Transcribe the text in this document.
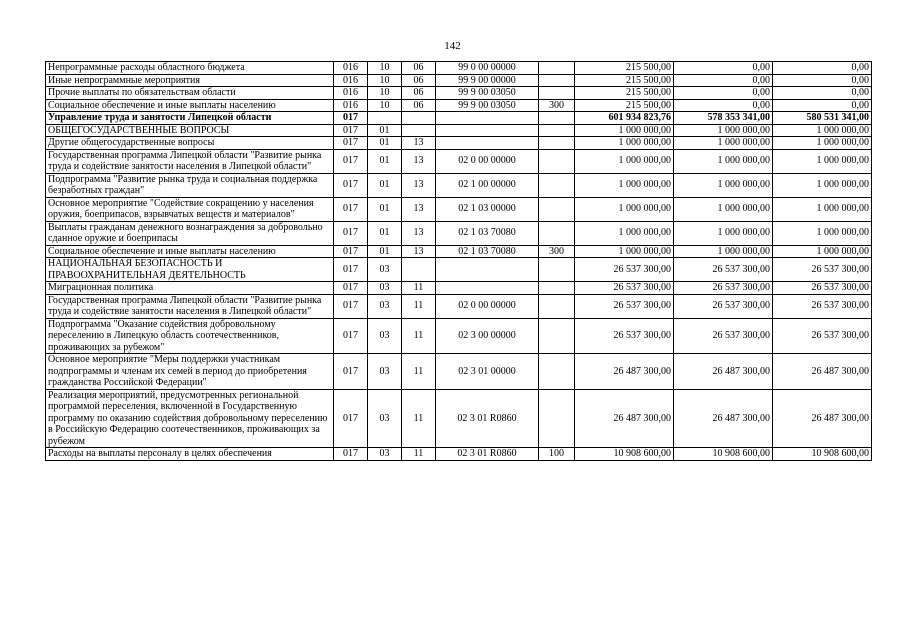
142
Непрограммные расходы областного бюджета	016	10	06	99 0 00 00000		215 500,00	0,00	0,00
Иные непрограммные мероприятия	016	10	06	99 9 00 00000		215 500,00	0,00	0,00
Прочие выплаты по обязательствам области	016	10	06	99 9 00 03050		215 500,00	0,00	0,00
Социальное обеспечение и иные выплаты населению	016	10	06	99 9 00 03050	300	215 500,00	0,00	0,00
Управление труда и занятости Липецкой области	017					601 934 823,76	578 353 341,00	580 531 341,00
ОБЩЕГОСУДАРСТВЕННЫЕ ВОПРОСЫ	017	01				1 000 000,00	1 000 000,00	1 000 000,00
Другие общегосударственные вопросы	017	01	13			1 000 000,00	1 000 000,00	1 000 000,00
Государственная программа Липецкой области "Развитие рынка труда и содействие занятости населения в Липецкой области"	017	01	13	02 0 00 00000		1 000 000,00	1 000 000,00	1 000 000,00
Подпрограмма "Развитие рынка труда и социальная поддержка безработных граждан"	017	01	13	02 1 00 00000		1 000 000,00	1 000 000,00	1 000 000,00
Основное мероприятие "Содействие сокращению у населения оружия, боеприпасов, взрывчатых веществ и материалов"	017	01	13	02 1 03 00000		1 000 000,00	1 000 000,00	1 000 000,00
Выплаты гражданам денежного вознаграждения за добровольно сданное оружие и боеприпасы	017	01	13	02 1 03 70080		1 000 000,00	1 000 000,00	1 000 000,00
Социальное обеспечение и иные выплаты населению	017	01	13	02 1 03 70080	300	1 000 000,00	1 000 000,00	1 000 000,00
НАЦИОНАЛЬНАЯ БЕЗОПАСНОСТЬ И ПРАВООХРАНИТЕЛЬНАЯ ДЕЯТЕЛЬНОСТЬ	017	03				26 537 300,00	26 537 300,00	26 537 300,00
Миграционная политика	017	03	11			26 537 300,00	26 537 300,00	26 537 300,00
Государственная программа Липецкой области "Развитие рынка труда и содействие занятости населения в Липецкой области"	017	03	11	02 0 00 00000		26 537 300,00	26 537 300,00	26 537 300,00
Подпрограмма "Оказание содействия добровольному переселению в Липецкую область соотечественников, проживающих за рубежом"	017	03	11	02 3 00 00000		26 537 300,00	26 537 300,00	26 537 300,00
Основное мероприятие "Меры поддержки участникам подпрограммы и членам их семей в период до приобретения гражданства Российской Федерации"	017	03	11	02 3 01 00000		26 487 300,00	26 487 300,00	26 487 300,00
Реализация мероприятий, предусмотренных региональной программой переселения, включенной в Государственную программу по оказанию содействия добровольному переселению в Российскую Федерацию соотечественников, проживающих за рубежом	017	03	11	02 3 01 R0860		26 487 300,00	26 487 300,00	26 487 300,00
Расходы на выплаты персоналу в целях обеспечения	017	03	11	02 3 01 R0860	100	10 908 600,00	10 908 600,00	10 908 600,00
